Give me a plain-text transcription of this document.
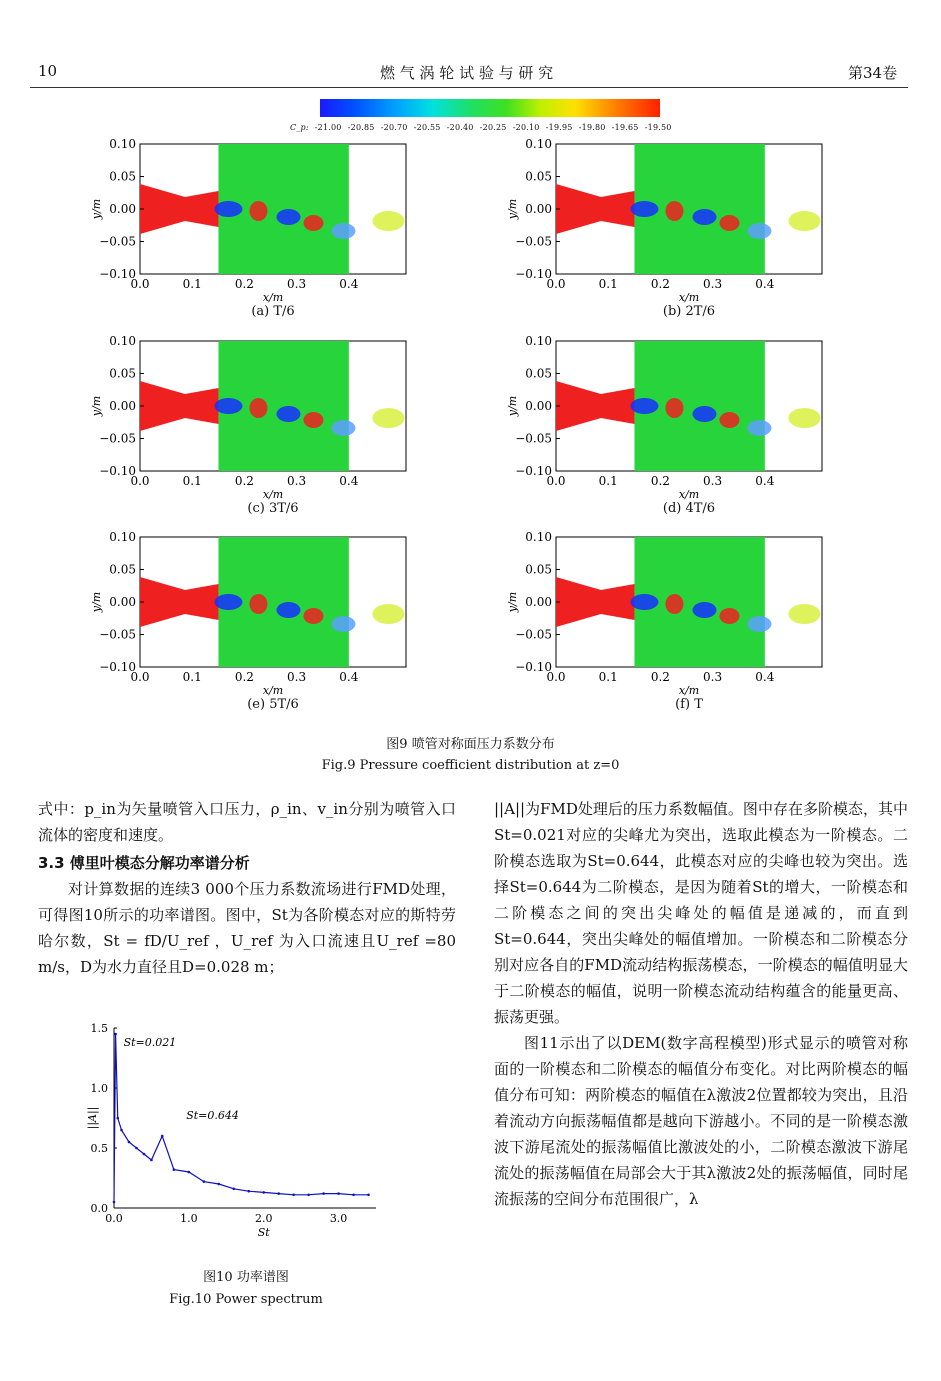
10	燃 气 涡 轮 试 验 与 研 究	第34卷
C_p: -21.00 -20.85 -20.70 -20.55 -20.40 -20.25 -20.10 -19.95 -19.80 -19.65 -19.50
0.10
0.05
0.00
−0.05
−0.10
0.0	0.1	0.2	0.3	0.4
x/m
y/m
(a) T/6
0.10
0.05
0.00
−0.05
−0.10
0.0	0.1	0.2	0.3	0.4
x/m
y/m
(b) 2T/6
0.10
0.05
0.00
−0.05
−0.10
0.0	0.1	0.2	0.3	0.4
x/m
y/m
(c) 3T/6
0.10
0.05
0.00
−0.05
−0.10
0.0	0.1	0.2	0.3	0.4
x/m
y/m
(d) 4T/6
0.10
0.05
0.00
−0.05
−0.10
0.0	0.1	0.2	0.3	0.4
x/m
y/m
(e) 5T/6
0.10
0.05
0.00
−0.05
−0.10
0.0	0.1	0.2	0.3	0.4
x/m
y/m
(f) T
图9 喷管对称面压力系数分布
Fig.9 Pressure coefficient distribution at z=0
式中：p_in为矢量喷管入口压力，ρ_in、v_in分别为喷管入口流体的密度和速度。
3.3 傅里叶模态分解功率谱分析
对计算数据的连续3 000个压力系数流场进行FMD处理，可得图10所示的功率谱图。图中，St为各阶模态对应的斯特劳哈尔数，St = fD/U_ref ，U_ref 为入口流速且U_ref =80 m/s，D为水力直径且D=0.028 m；
1.5
1.0
0.5
0.0
0.0	1.0	2.0	3.0
St
||A||
St=0.021
St=0.644
图10 功率谱图
Fig.10 Power spectrum
||A||为FMD处理后的压力系数幅值。图中存在多阶模态，其中St=0.021对应的尖峰尤为突出，选取此模态为一阶模态。二阶模态选取为St=0.644，此模态对应的尖峰也较为突出。选择St=0.644为二阶模态，是因为随着St的增大，一阶模态和二阶模态之间的突出尖峰处的幅值是递减的，而直到St=0.644，突出尖峰处的幅值增加。一阶模态和二阶模态分别对应各自的FMD流动结构振荡模态，一阶模态的幅值明显大于二阶模态的幅值，说明一阶模态流动结构蕴含的能量更高、振荡更强。
图11示出了以DEM(数字高程模型)形式显示的喷管对称面的一阶模态和二阶模态的幅值分布变化。对比两阶模态的幅值分布可知：两阶模态的幅值在λ激波2位置都较为突出，且沿着流动方向振荡幅值都是越向下游越小。不同的是一阶模态激波下游尾流处的振荡幅值比激波处的小，二阶模态激波下游尾流处的振荡幅值在局部会大于其λ激波2处的振荡幅值，同时尾流振荡的空间分布范围很广，λ
